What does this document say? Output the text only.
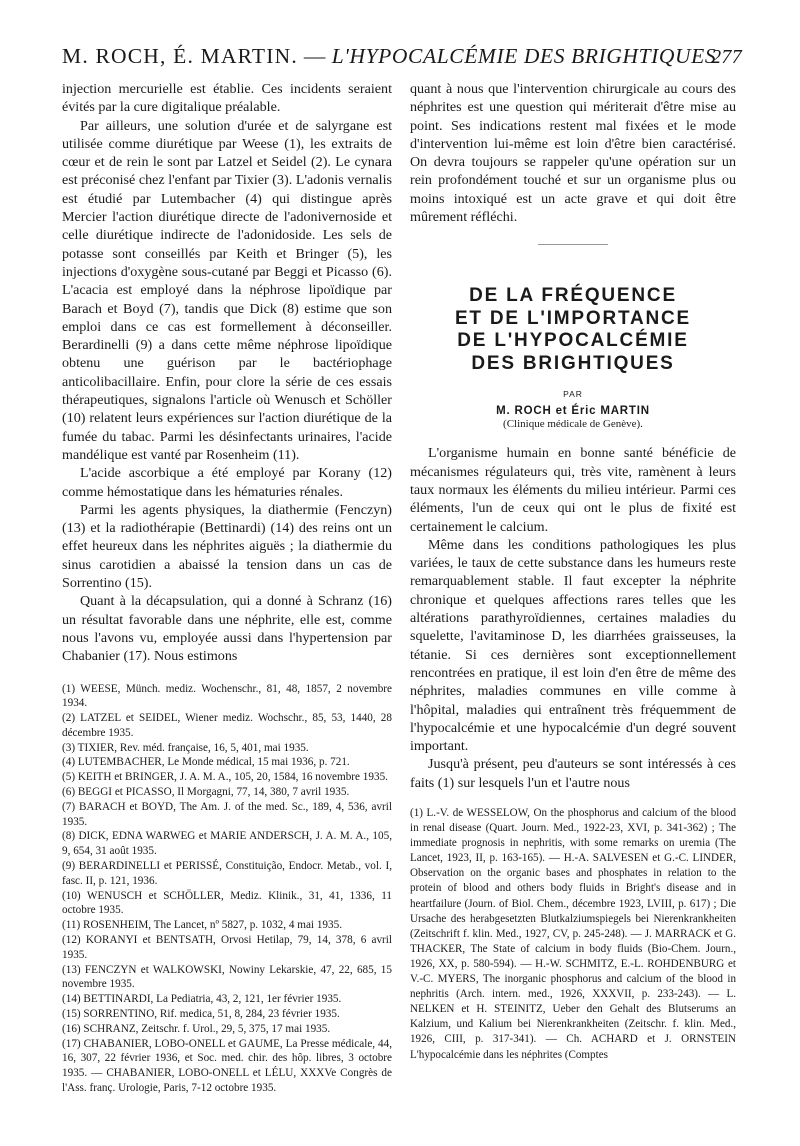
M. ROCH, É. MARTIN. — L'HYPOCALCÉMIE DES BRIGHTIQUES
277

injection mercurielle est établie. Ces incidents seraient évités par la cure digitalique préalable.

Par ailleurs, une solution d'urée et de salyrgane est utilisée comme diurétique par Weese (1), les extraits de cœur et de rein le sont par Latzel et Seidel (2). Le cynara est préconisé chez l'enfant par Tixier (3). L'adonis vernalis est étudié par Lutembacher (4) qui distingue après Mercier l'action diurétique directe de l'adonivernoside et celle diurétique indirecte de l'adonidoside. Les sels de potasse sont conseillés par Keith et Bringer (5), les injections d'oxygène sous-cutané par Beggi et Picasso (6). L'acacia est employé dans la néphrose lipoïdique par Barach et Boyd (7), tandis que Dick (8) estime que son emploi dans ce cas est formellement à déconseiller. Berardinelli (9) a dans cette même néphrose lipoïdique obtenu une guérison par le bactériophage anticolibacillaire. Enfin, pour clore la série de ces essais thérapeutiques, signalons l'article où Wenusch et Schöller (10) relatent leurs expériences sur l'action diurétique de la fumée du tabac. Parmi les désinfectants urinaires, l'acide mandélique est vanté par Rosenheim (11).

L'acide ascorbique a été employé par Korany (12) comme hémostatique dans les hématuries rénales.

Parmi les agents physiques, la diathermie (Fenczyn) (13) et la radiothérapie (Bettinardi) (14) des reins ont un effet heureux dans les néphrites aiguës ; la diathermie du sinus carotidien a abaissé la tension dans un cas de Sorrentino (15).

Quant à la décapsulation, qui a donné à Schranz (16) un résultat favorable dans une néphrite, elle est, comme nous l'avons vu, employée aussi dans l'hypertension par Chabanier (17). Nous estimons

(1) WEESE, Münch. mediz. Wochenschr., 81, 48, 1857, 2 novembre 1934.

(2) LATZEL et SEIDEL, Wiener mediz. Wochschr., 85, 53, 1440, 28 décembre 1935.

(3) TIXIER, Rev. méd. française, 16, 5, 401, mai 1935.

(4) LUTEMBACHER, Le Monde médical, 15 mai 1936, p. 721.

(5) KEITH et BRINGER, J. A. M. A., 105, 20, 1584, 16 novembre 1935.

(6) BEGGI et PICASSO, Il Morgagni, 77, 14, 380, 7 avril 1935.

(7) BARACH et BOYD, The Am. J. of the med. Sc., 189, 4, 536, avril 1935.

(8) DICK, EDNA WARWEG et MARIE ANDERSCH, J. A. M. A., 105, 9, 654, 31 août 1935.

(9) BERARDINELLI et PERISSÉ, Constituição, Endocr. Metab., vol. I, fasc. II, p. 121, 1936.

(10) WENUSCH et SCHÖLLER, Mediz. Klinik., 31, 41, 1336, 11 octobre 1935.

(11) ROSENHEIM, The Lancet, nº 5827, p. 1032, 4 mai 1935.

(12) KORANYI et BENTSATH, Orvosi Hetilap, 79, 14, 378, 6 avril 1935.

(13) FENCZYN et WALKOWSKI, Nowiny Lekarskie, 47, 22, 685, 15 novembre 1935.

(14) BETTINARDI, La Pediatria, 43, 2, 121, 1er février 1935.

(15) SORRENTINO, Rif. medica, 51, 8, 284, 23 février 1935.

(16) SCHRANZ, Zeitschr. f. Urol., 29, 5, 375, 17 mai 1935.

(17) CHABANIER, LOBO-ONELL et GAUME, La Presse médicale, 44, 16, 307, 22 février 1936, et Soc. med. chir. des hôp. libres, 3 octobre 1935. — CHABANIER, LOBO-ONELL et LÉLU, XXXVe Congrès de l'Ass. franç. Urologie, Paris, 7-12 octobre 1935.

quant à nous que l'intervention chirurgicale au cours des néphrites est une question qui mériterait d'être mise au point. Ses indications restent mal fixées et le mode d'intervention lui-même est loin d'être bien caractérisé. On devra toujours se rappeler qu'une opération sur un rein profondément touché et sur un organisme plus ou moins intoxiqué est un acte grave et qui doit être mûrement réfléchi.

DE LA FRÉQUENCE
ET DE L'IMPORTANCE
DE L'HYPOCALCÉMIE
DES BRIGHTIQUES
PAR
M. ROCH et Éric MARTIN
(Clinique médicale de Genève).

L'organisme humain en bonne santé bénéficie de mécanismes régulateurs qui, très vite, ramènent à leurs taux normaux les éléments du milieu intérieur. Parmi ces éléments, l'un de ceux qui ont le plus de fixité est certainement le calcium.

Même dans les conditions pathologiques les plus variées, le taux de cette substance dans les humeurs reste remarquablement stable. Il faut excepter la néphrite chronique et quelques affections rares telles que les altérations parathyroïdiennes, certaines maladies du squelette, l'avitaminose D, les diarrhées graisseuses, la tétanie. Si ces dernières sont exceptionnellement rencontrées en pratique, il est loin d'en être de même des néphrites, maladies communes en ville comme à l'hôpital, maladies qui entraînent très fréquemment de l'hypocalcémie et une hypocalcémie d'un degré souvent important.

Jusqu'à présent, peu d'auteurs se sont intéressés à ces faits (1) sur lesquels l'un et l'autre nous

(1) L.-V. de WESSELOW, On the phosphorus and calcium of the blood in renal disease (Quart. Journ. Med., 1922-23, XVI, p. 341-362) ; The immediate prognosis in nephritis, with some remarks on uremia (The Lancet, 1923, II, p. 163-165). — H.-A. SALVESEN et G.-C. LINDER, Observation on the organic bases and phosphates in relation to the protein of blood and others body fluids in Bright's disease and in heartfailure (Journ. of Biol. Chem., décembre 1923, LVIII, p. 617) ; Die Ursache des herabgesetzten Blutkalziumspiegels bei Nierenkrankheiten (Zeitschrift f. klin. Med., 1927, CV, p. 245-248). — J. MARRACK et G. THACKER, The State of calcium in body fluids (Bio-Chem. Journ., 1926, XX, p. 580-594). — H.-W. SCHMITZ, E.-L. ROHDENBURG et V.-C. MYERS, The inorganic phosphorus and calcium of the blood in nephritis (Arch. intern. med., 1926, XXXVII, p. 233-243). — L. NELKEN et H. STEINITZ, Ueber den Gehalt des Blutserums an Kalzium, und Kalium bei Nierenkrankheiten (Zeitschr. f. klin. Med., 1926, CIII, p. 317-341). — Ch. ACHARD et J. ORNSTEIN L'hypocalcémie dans les néphrites (Comptes
